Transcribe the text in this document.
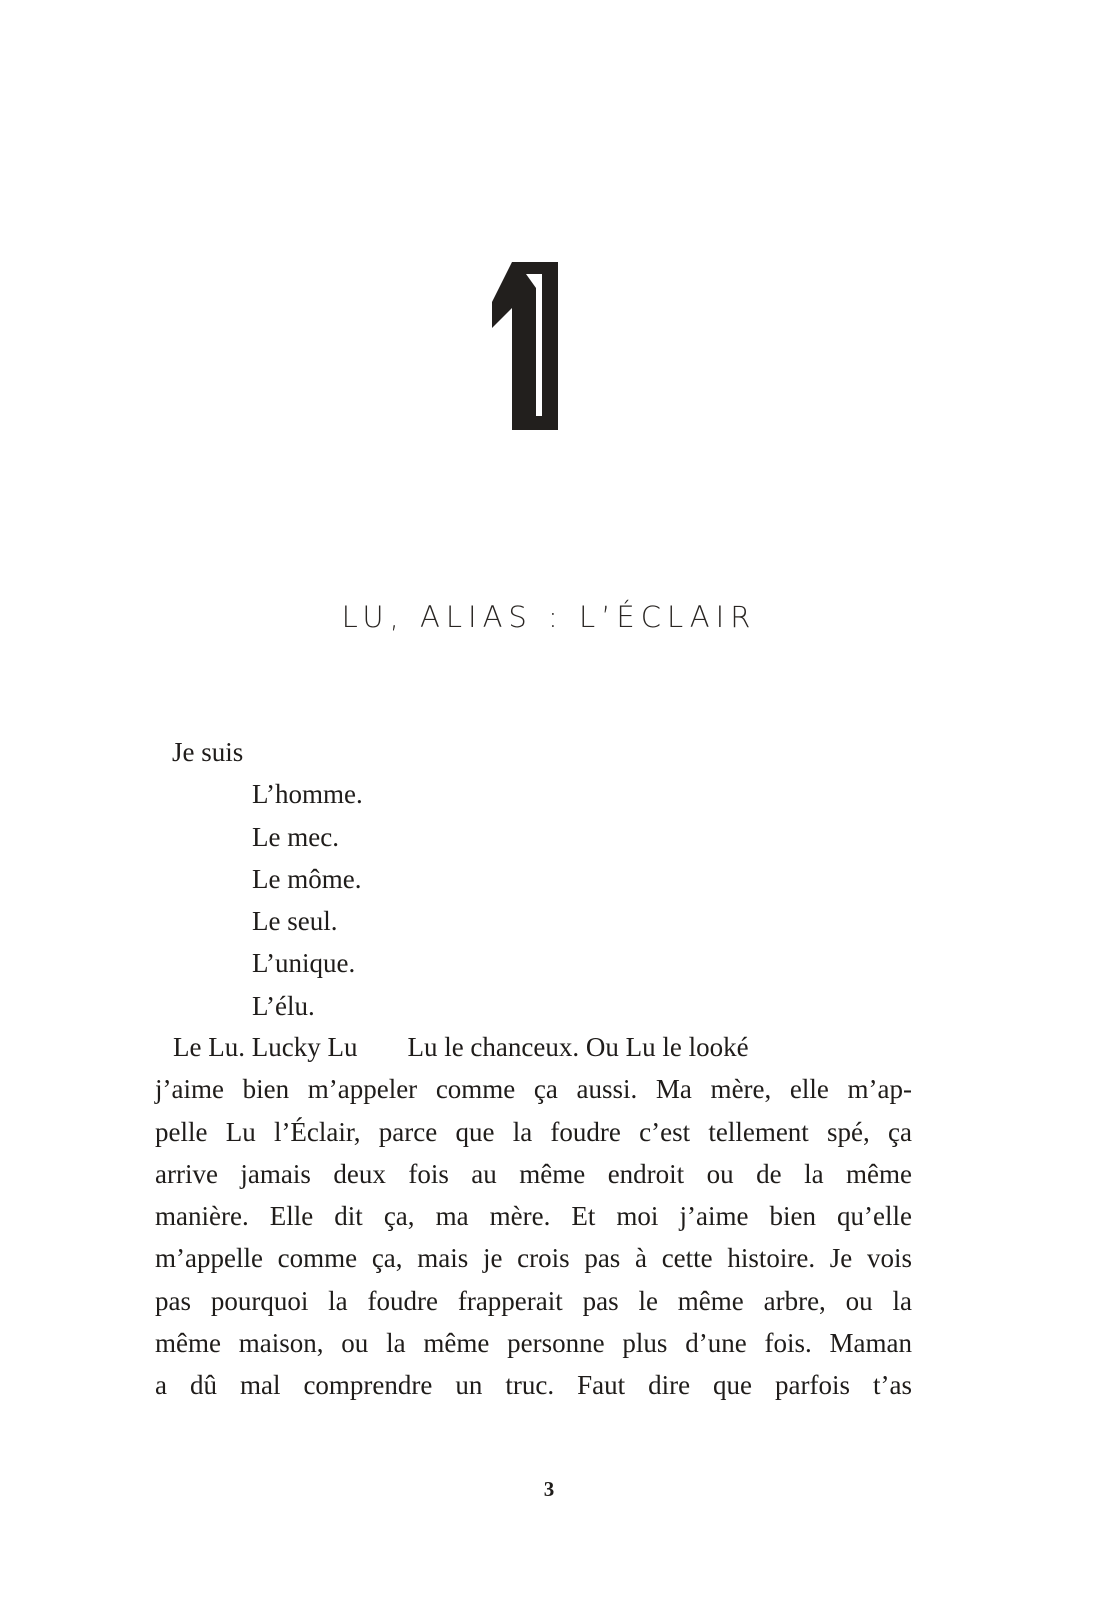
LU, ALIAS : L’ÉCLAIR
Je suis
L’homme.
Le mec.
Le môme.
Le seul.
L’unique.
L’élu.
Le Lu. Lucky Lu Lu le chanceux. Ou Lu le looké
j’aime bien m’appeler comme ça aussi. Ma mère, elle m’ap-
pelle Lu l’Éclair, parce que la foudre c’est tellement spé, ça
arrive jamais deux fois au même endroit ou de la même
manière. Elle dit ça, ma mère. Et moi j’aime bien qu’elle
m’appelle comme ça, mais je crois pas à cette histoire. Je vois
pas pourquoi la foudre frapperait pas le même arbre, ou la
même maison, ou la même personne plus d’une fois. Maman
a dû mal comprendre un truc. Faut dire que parfois t’as
3
